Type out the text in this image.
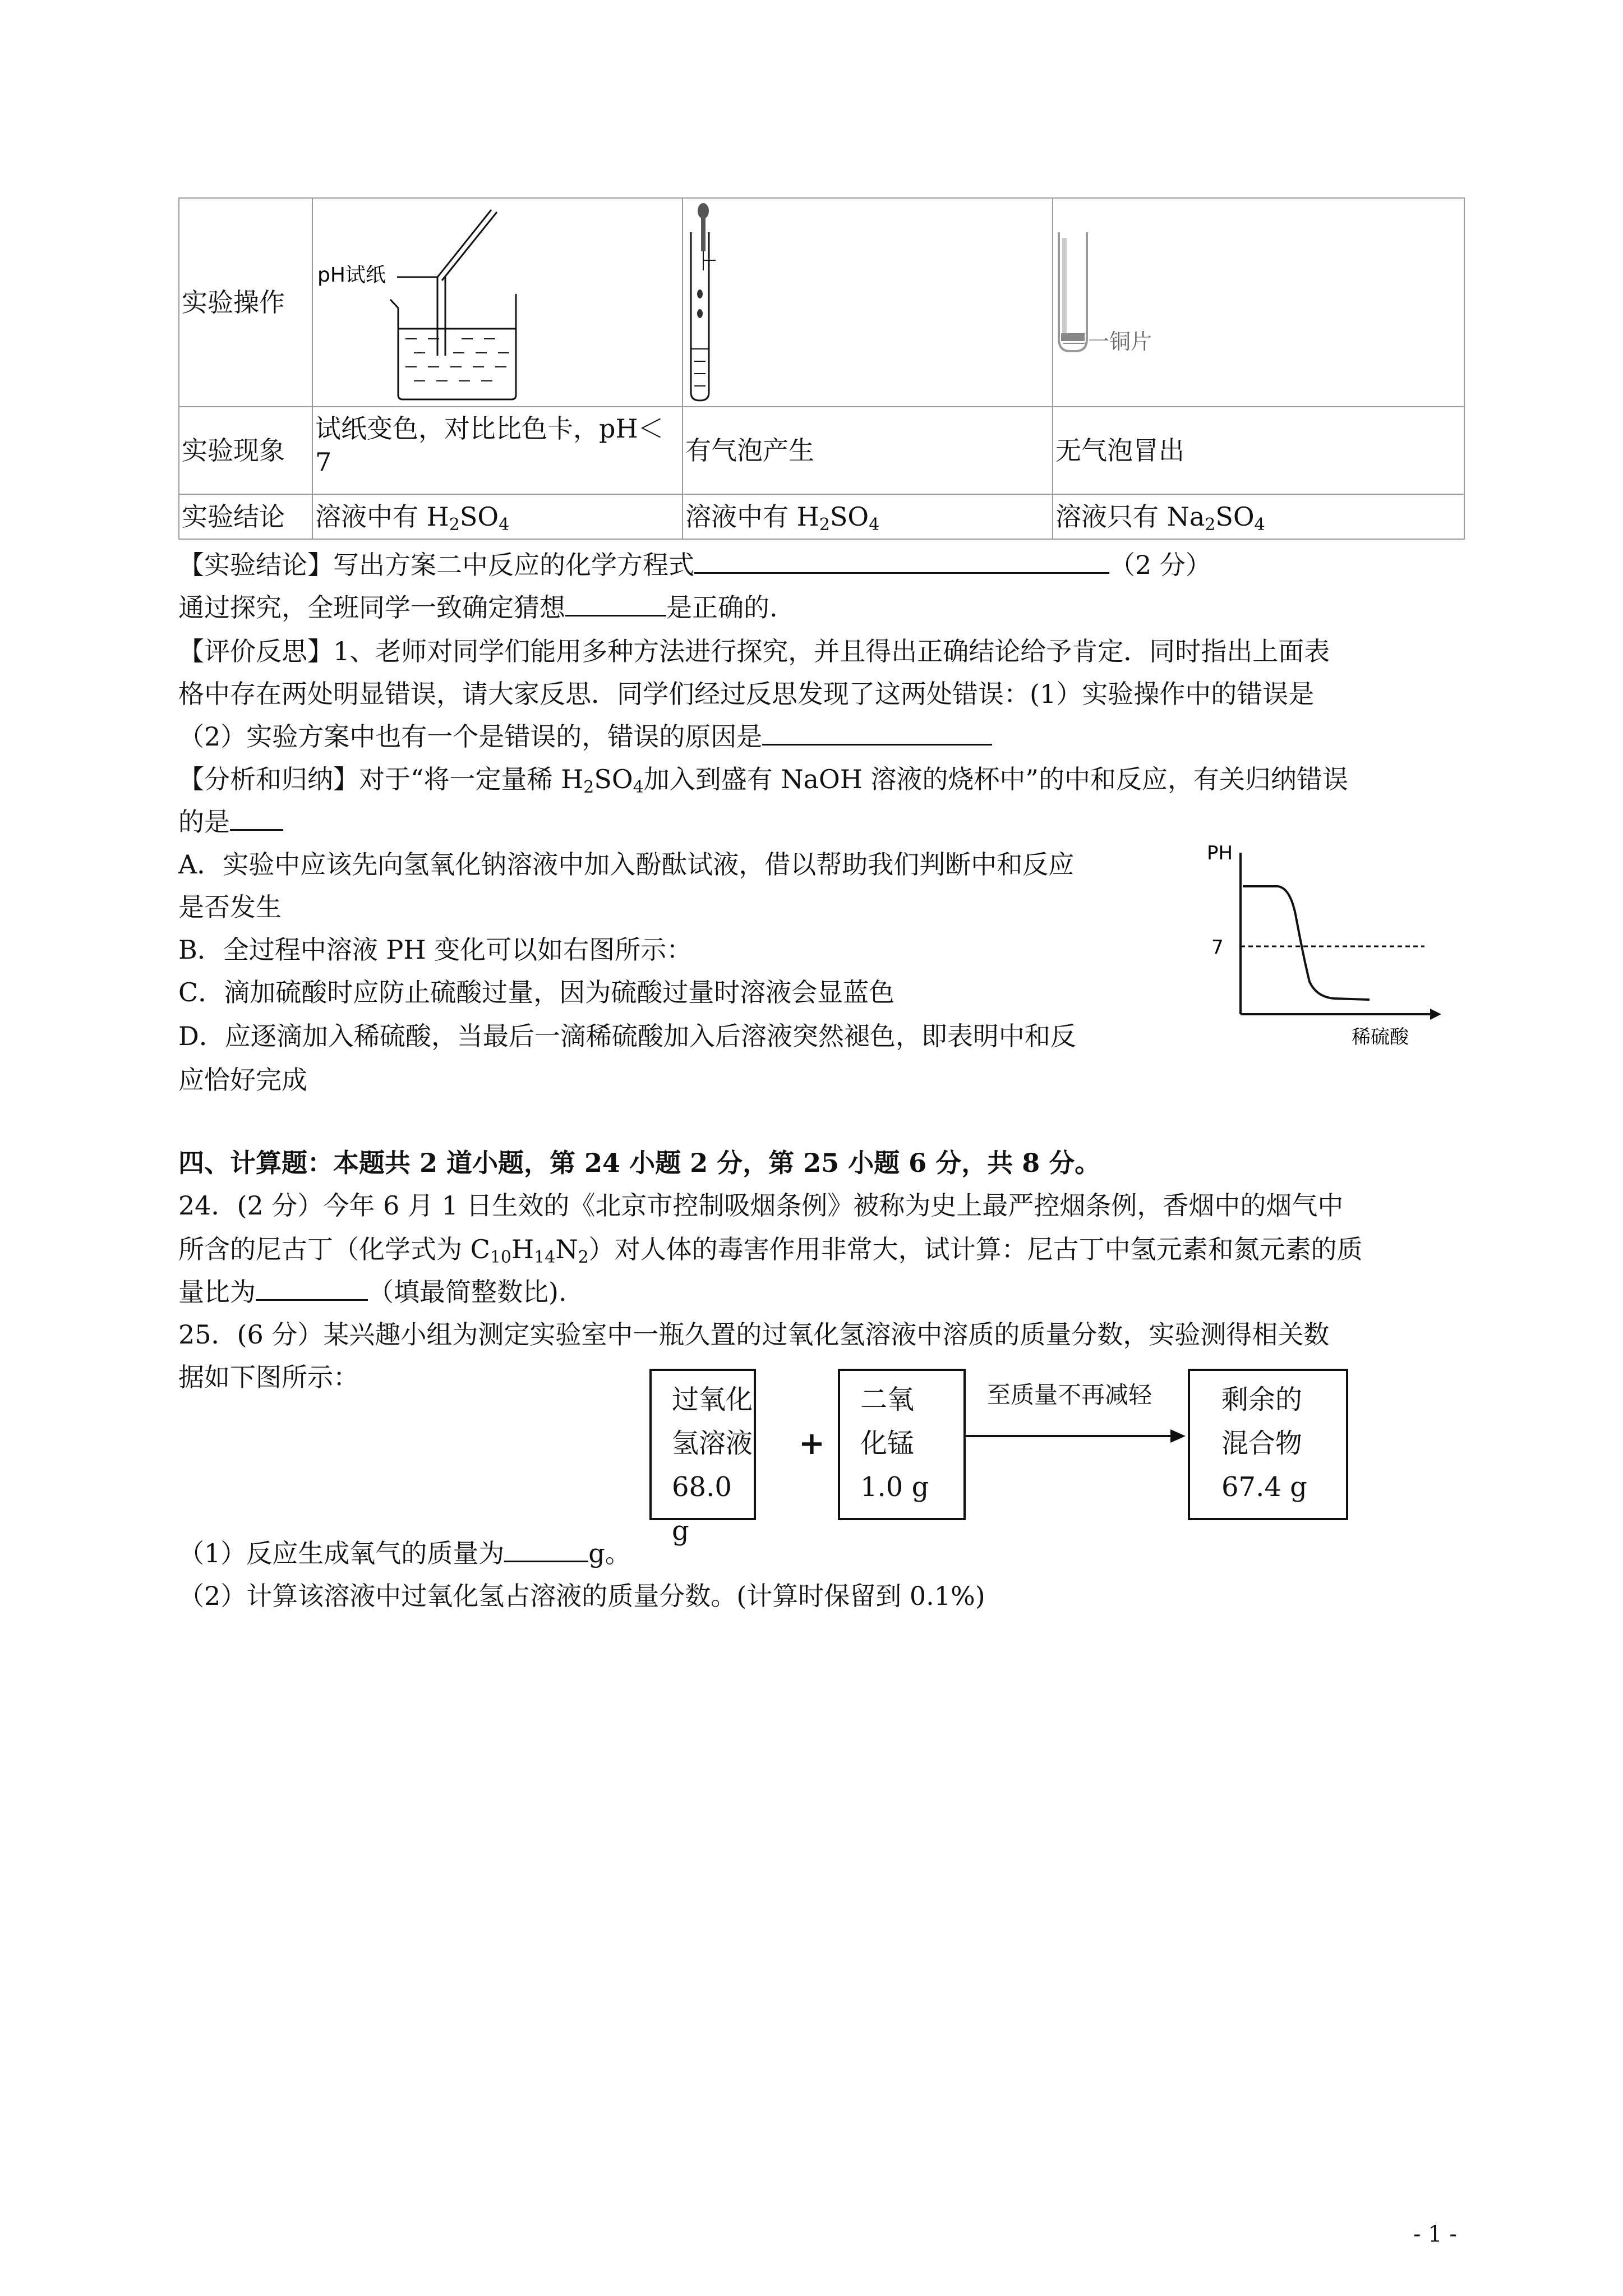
实验操作	pH试纸		一铜片

实验现象	试纸变色，对比比色卡，pH＜7	有气泡产生	无气泡冒出
实验结论	溶液中有 $H_2SO_4$	溶液中有 $H_2SO_4$	溶液只有 $Na_2SO_4$
【实验结论】写出方案二中反应的化学方程式	（2 分）
通过探究，全班同学一致确定猜想	是正确的.
【评价反思】1、老师对同学们能用多种方法进行探究，并且得出正确结论给予肯定．同时指出上面表
格中存在两处明显错误，请大家反思．同学们经过反思发现了这两处错误：(1）实验操作中的错误是
（2）实验方案中也有一个是错误的，错误的原因是
【分析和归纳】对于“将一定量稀 $H_2SO_4$加入到盛有 NaOH 溶液的烧杯中”的中和反应，有关归纳错误
的是
A．实验中应该先向氢氧化钠溶液中加入酚酞试液，借以帮助我们判断中和反应
是否发生
B．全过程中溶液 PH 变化可以如右图所示：
C．滴加硫酸时应防止硫酸过量，因为硫酸过量时溶液会显蓝色
D．应逐滴加入稀硫酸，当最后一滴稀硫酸加入后溶液突然褪色，即表明中和反
应恰好完成
PH
7
稀硫酸
四、计算题：本题共 2 道小题，第 24 小题 2 分，第 25 小题 6 分，共 8 分。
24．(2 分）今年 6 月 1 日生效的《北京市控制吸烟条例》被称为史上最严控烟条例，香烟中的烟气中
所含的尼古丁（化学式为 $C_{10}H_{14}N_2$）对人体的毒害作用非常大，试计算：尼古丁中氢元素和氮元素的质
量比为	（填最简整数比).
25．(6 分）某兴趣小组为测定实验室中一瓶久置的过氧化氢溶液中溶质的质量分数，实验测得相关数
据如下图所示：
过氧化
氢溶液
68.0 g
+
二氧
化锰
1.0 g
至质量不再减轻	剩余的
混合物
67.4 g
（1）反应生成氧气的质量为	g。
（2）计算该溶液中过氧化氢占溶液的质量分数。(计算时保留到 0.1%)
- 1 -
